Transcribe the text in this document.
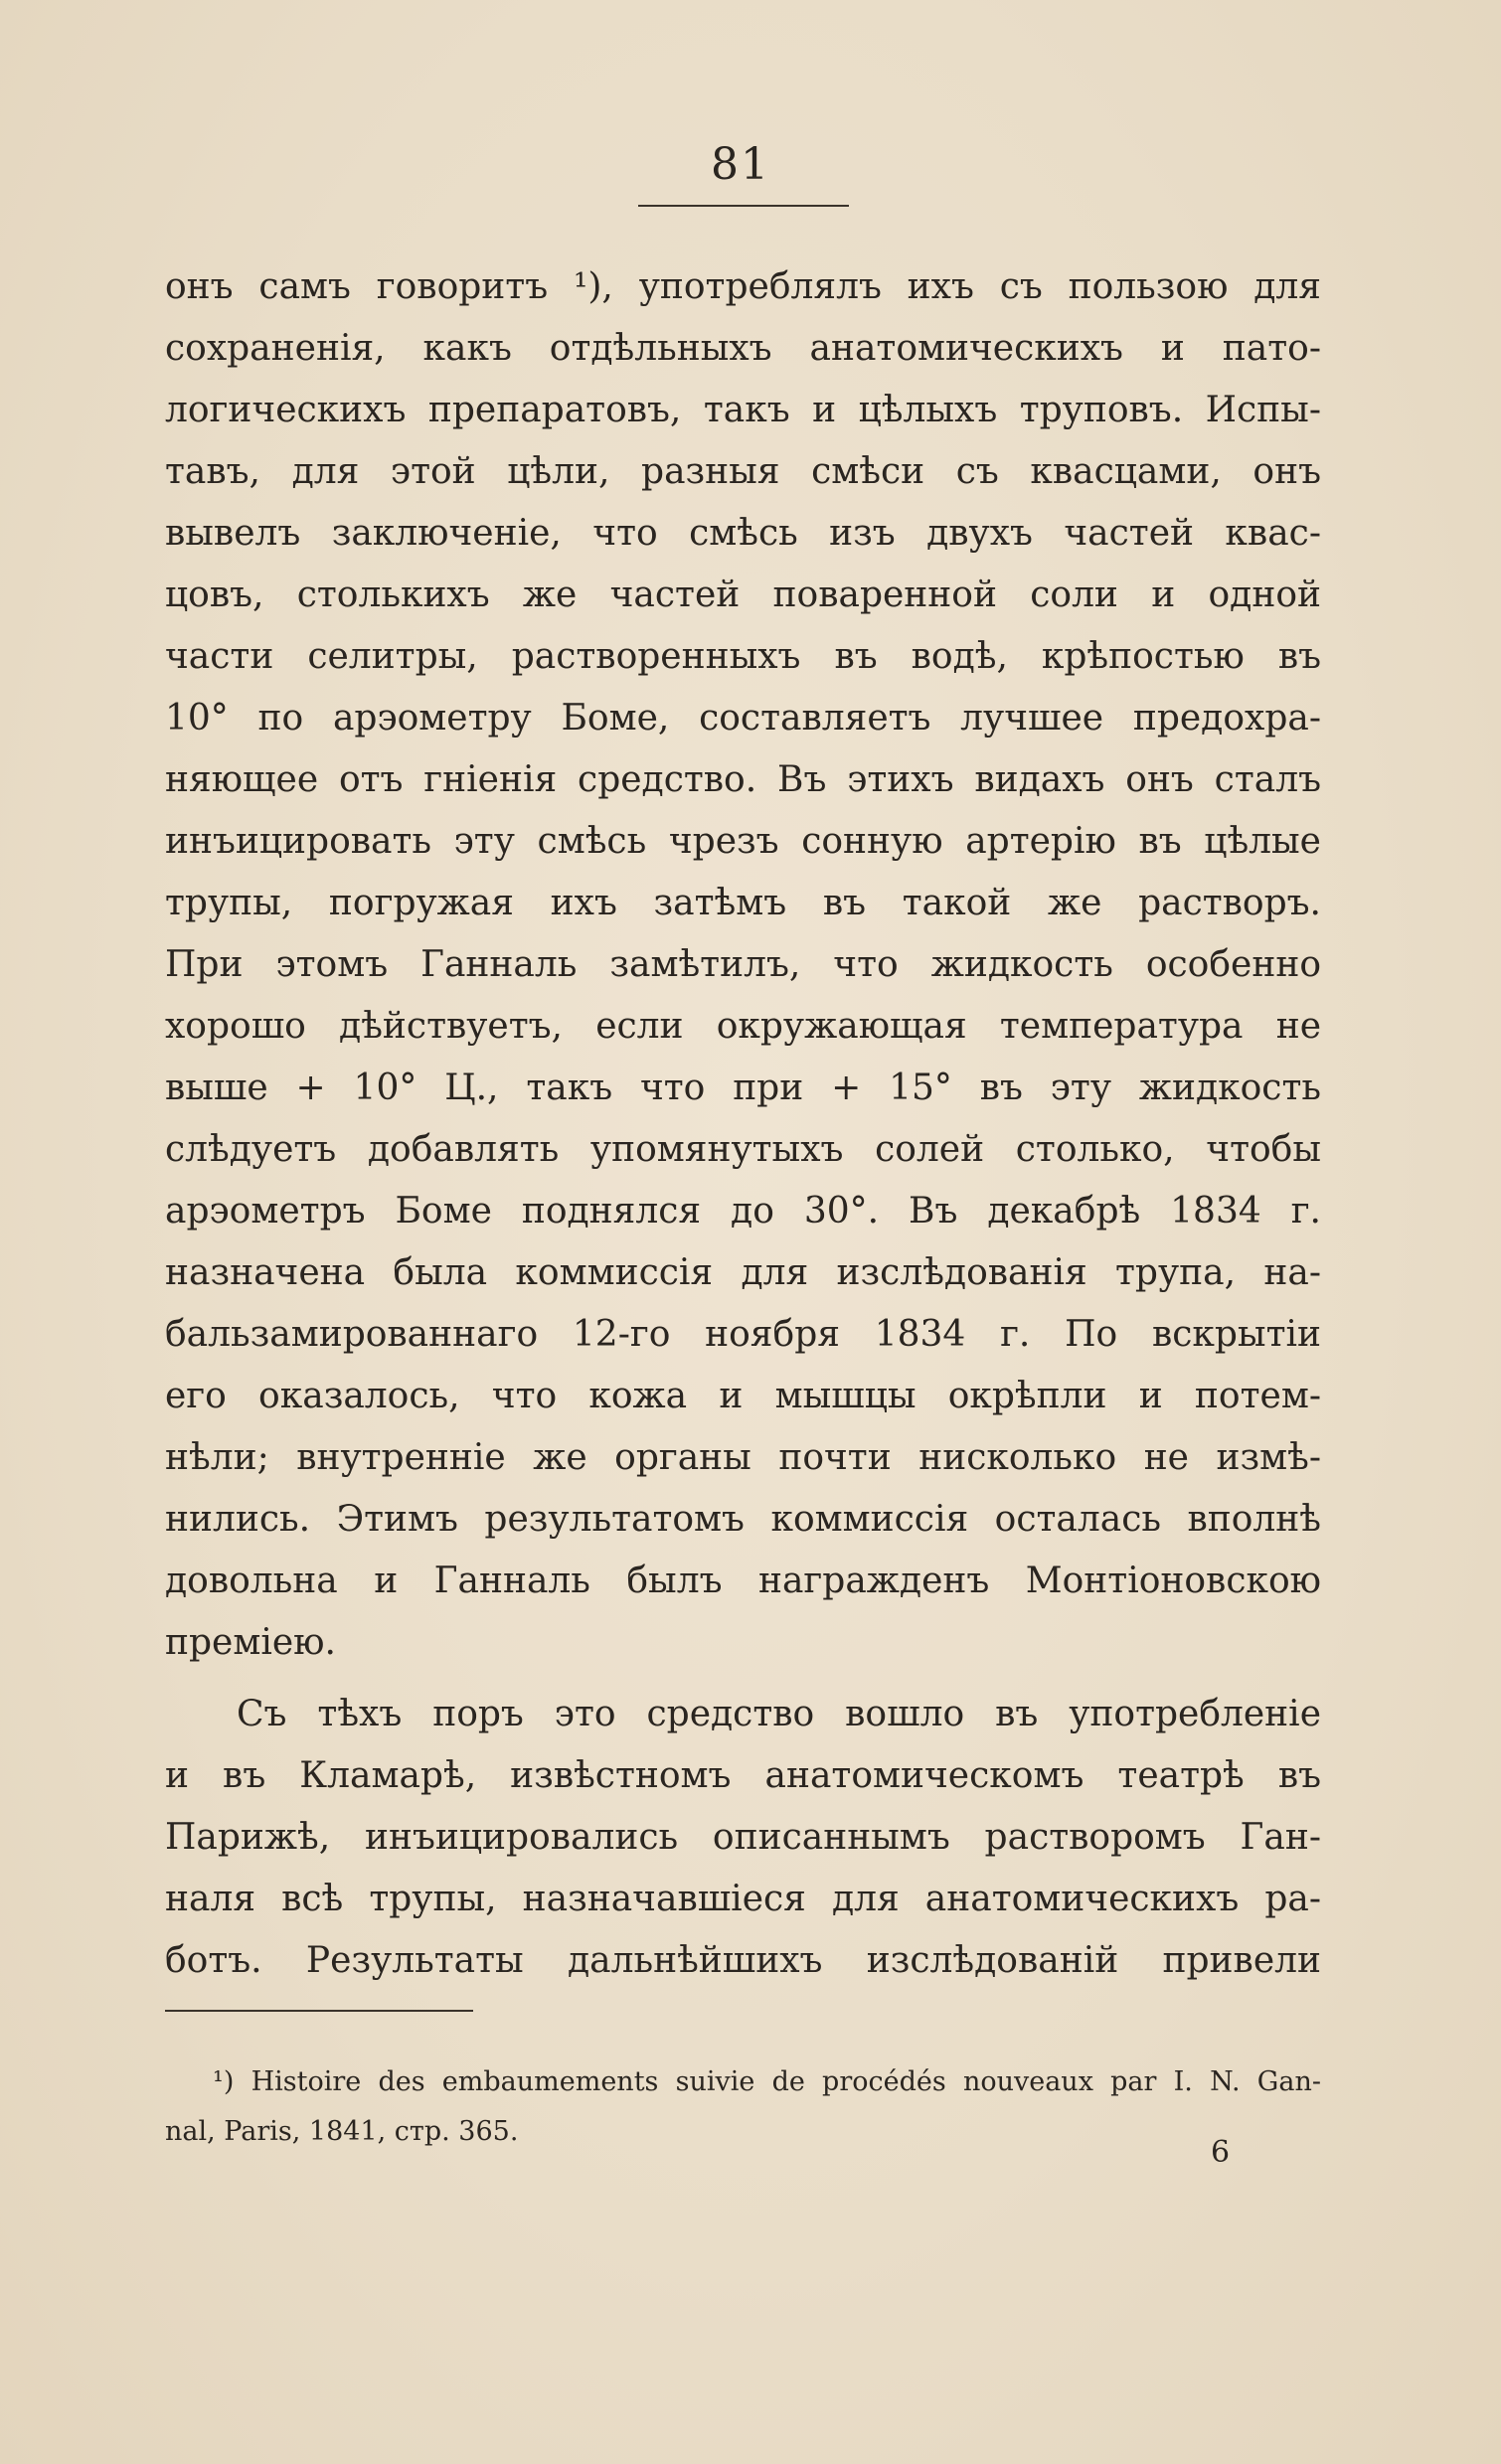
81
онъ самъ говоритъ ¹), употреблялъ ихъ съ пользою для
сохраненія, какъ отдѣльныхъ анатомическихъ и пато-
логическихъ препаратовъ, такъ и цѣлыхъ труповъ. Испы-
тавъ, для этой цѣли, разныя смѣси съ квасцами, онъ
вывелъ заключеніе, что смѣсь изъ двухъ частей квас-
цовъ, столькихъ же частей поваренной соли и одной
части селитры, растворенныхъ въ водѣ, крѣпостью въ
10° по арэометру Боме, составляетъ лучшее предохра-
няющее отъ гніенія средство. Въ этихъ видахъ онъ сталъ
инъицировать эту смѣсь чрезъ сонную артерію въ цѣлые
трупы, погружая ихъ затѣмъ въ такой же растворъ.
При этомъ Ганналь замѣтилъ, что жидкость особенно
хорошо дѣйствуетъ, если окружающая температура не
выше + 10° Ц., такъ что при + 15° въ эту жидкость
слѣдуетъ добавлять упомянутыхъ солей столько, чтобы
арэометръ Боме поднялся до 30°. Въ декабрѣ 1834 г.
назначена была коммиссія для изслѣдованія трупа, на-
бальзамированнаго 12-го ноября 1834 г. По вскрытіи
его оказалось, что кожа и мышцы окрѣпли и потем-
нѣли; внутренніе же органы почти нисколько не измѣ-
нились. Этимъ результатомъ коммиссія осталась вполнѣ
довольна и Ганналь былъ награжденъ Монтіоновскою
преміею.
Съ тѣхъ поръ это средство вошло въ употребленіе
и въ Кламарѣ, извѣстномъ анатомическомъ театрѣ въ
Парижѣ, инъицировались описаннымъ растворомъ Ган-
наля всѣ трупы, назначавшіеся для анатомическихъ ра-
ботъ. Результаты дальнѣйшихъ изслѣдованій привели
¹) Histoire des embaumements suivie de procédés nouveaux par I. N. Gan-
nal, Paris, 1841, стр. 365.
6
